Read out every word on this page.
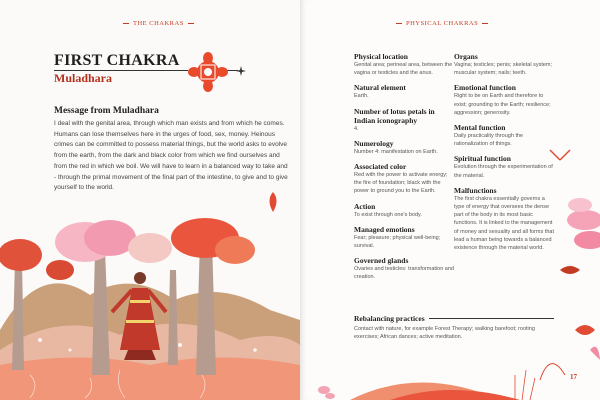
THE CHAKRAS
FIRST CHAKRA
Muladhara
Message from Muladhara
I deal with the genital area, through which man exists and from which he comes. Humans can lose themselves here in the urges of food, sex, money. Heinous crimes can be committed to possess material things, but the world asks to evolve from the earth, from the dark and black color from which we find ourselves and from the red in which we boil. We will have to learn in a balanced way to take and - through the primal movement of the final part of the intestine, to give and to give yourself to the world.
PHYSICAL CHAKRAS
Physical location
Genital area; perineal area, between the vagina or testicles and the anus.
Natural element
Earth.
Number of lotus petals in Indian iconography
4.
Numerology
Number 4: manifestation on Earth.
Associated color
Red with the power to activate energy; the fire of foundation; black with the power to ground you to the Earth.
Action
To exist through one's body.
Managed emotions
Fear; pleasure; physical well-being; survival.
Governed glands
Ovaries and testicles: transformation and creation.
Organs
Vagina; testicles; penis; skeletal system; muscular system; nails; teeth.
Emotional function
Right to be on Earth and therefore to exist; grounding to the Earth; resilience; aggression; generosity.
Mental function
Daily practicality through the rationalization of things.
Spiritual function
Evolution through the experimentation of the material.
Malfunctions
The first chakra essentially governs a type of energy that oversees the dense part of the body in its most basic functions. It is linked to the management of money and sexuality and all forms that lead a human being towards a balanced existence through the material world.
Rebalancing practices
Contact with nature, for example Forest Therapy; walking barefoot; rooting exercises; African dances; active meditation.
17
